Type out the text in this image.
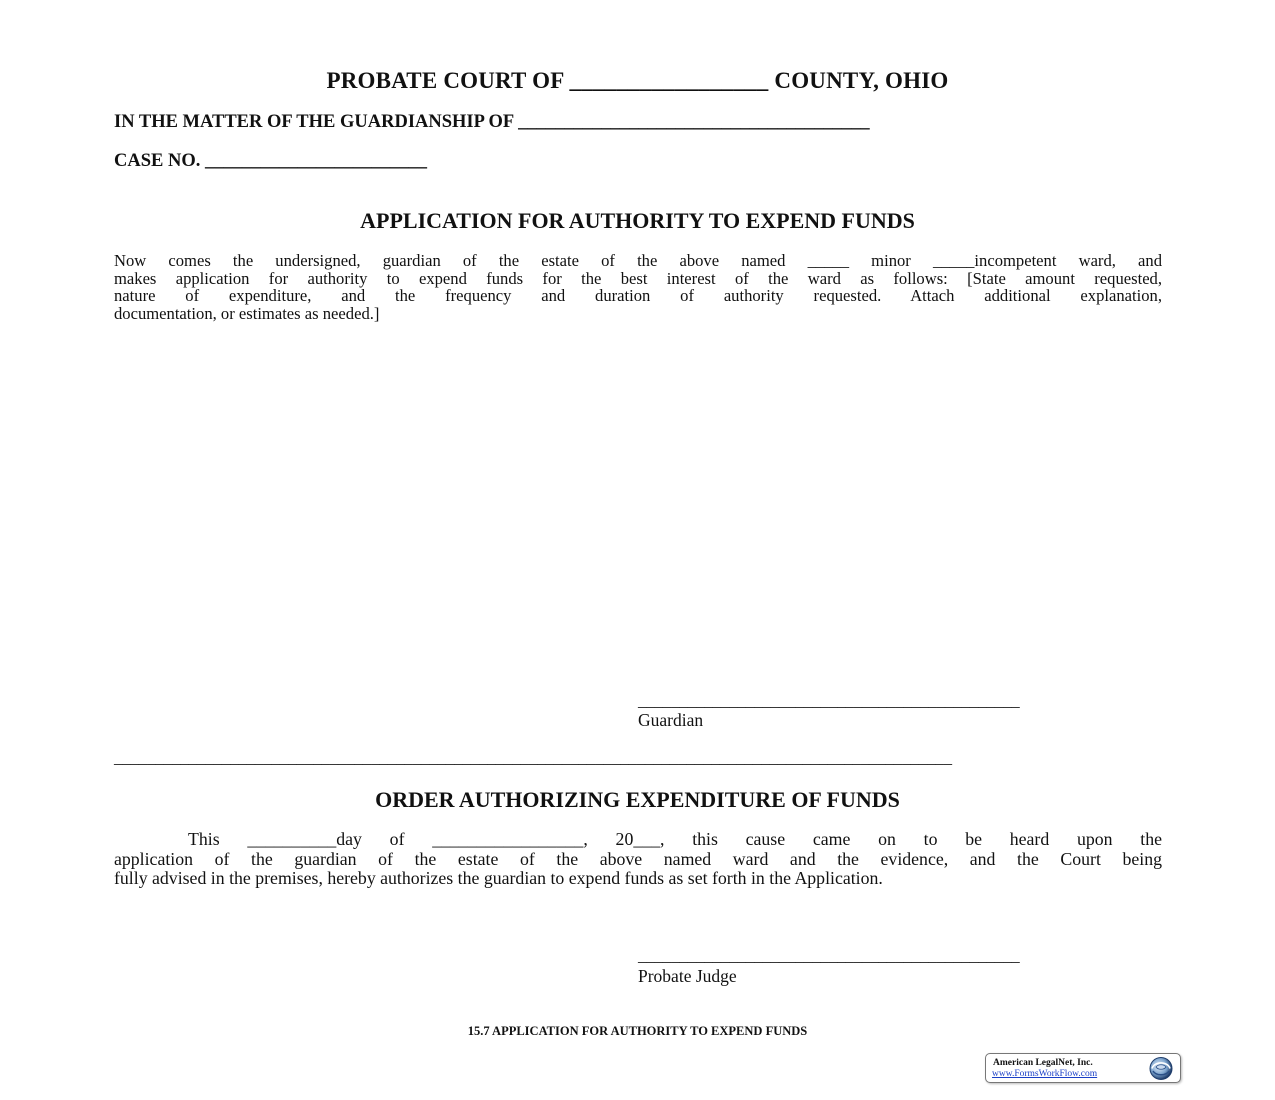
PROBATE COURT OF _________________ COUNTY, OHIO
IN THE MATTER OF THE GUARDIANSHIP OF ______________________________________
CASE NO. ________________________
APPLICATION FOR AUTHORITY TO EXPEND FUNDS
Now comes the undersigned, guardian of the estate of the above named _____ minor _____incompetent ward, and
makes application for authority to expend funds for the best interest of the ward as follows: [State amount requested,
nature of expenditure, and the frequency and duration of authority requested. Attach additional explanation,
documentation, or estimates as needed.]
______________________________________________
Guardian
_____________________________________________________________________________________________________
ORDER AUTHORIZING EXPENDITURE OF FUNDS
This __________day of _________________, 20___, this cause came on to be heard upon the
application of the guardian of the estate of the above named ward and the evidence, and the Court being
fully advised in the premises, hereby authorizes the guardian to expend funds as set forth in the Application.
______________________________________________
Probate Judge
15.7 APPLICATION FOR AUTHORITY TO EXPEND FUNDS
American LegalNet, Inc.
www.FormsWorkFlow.com
